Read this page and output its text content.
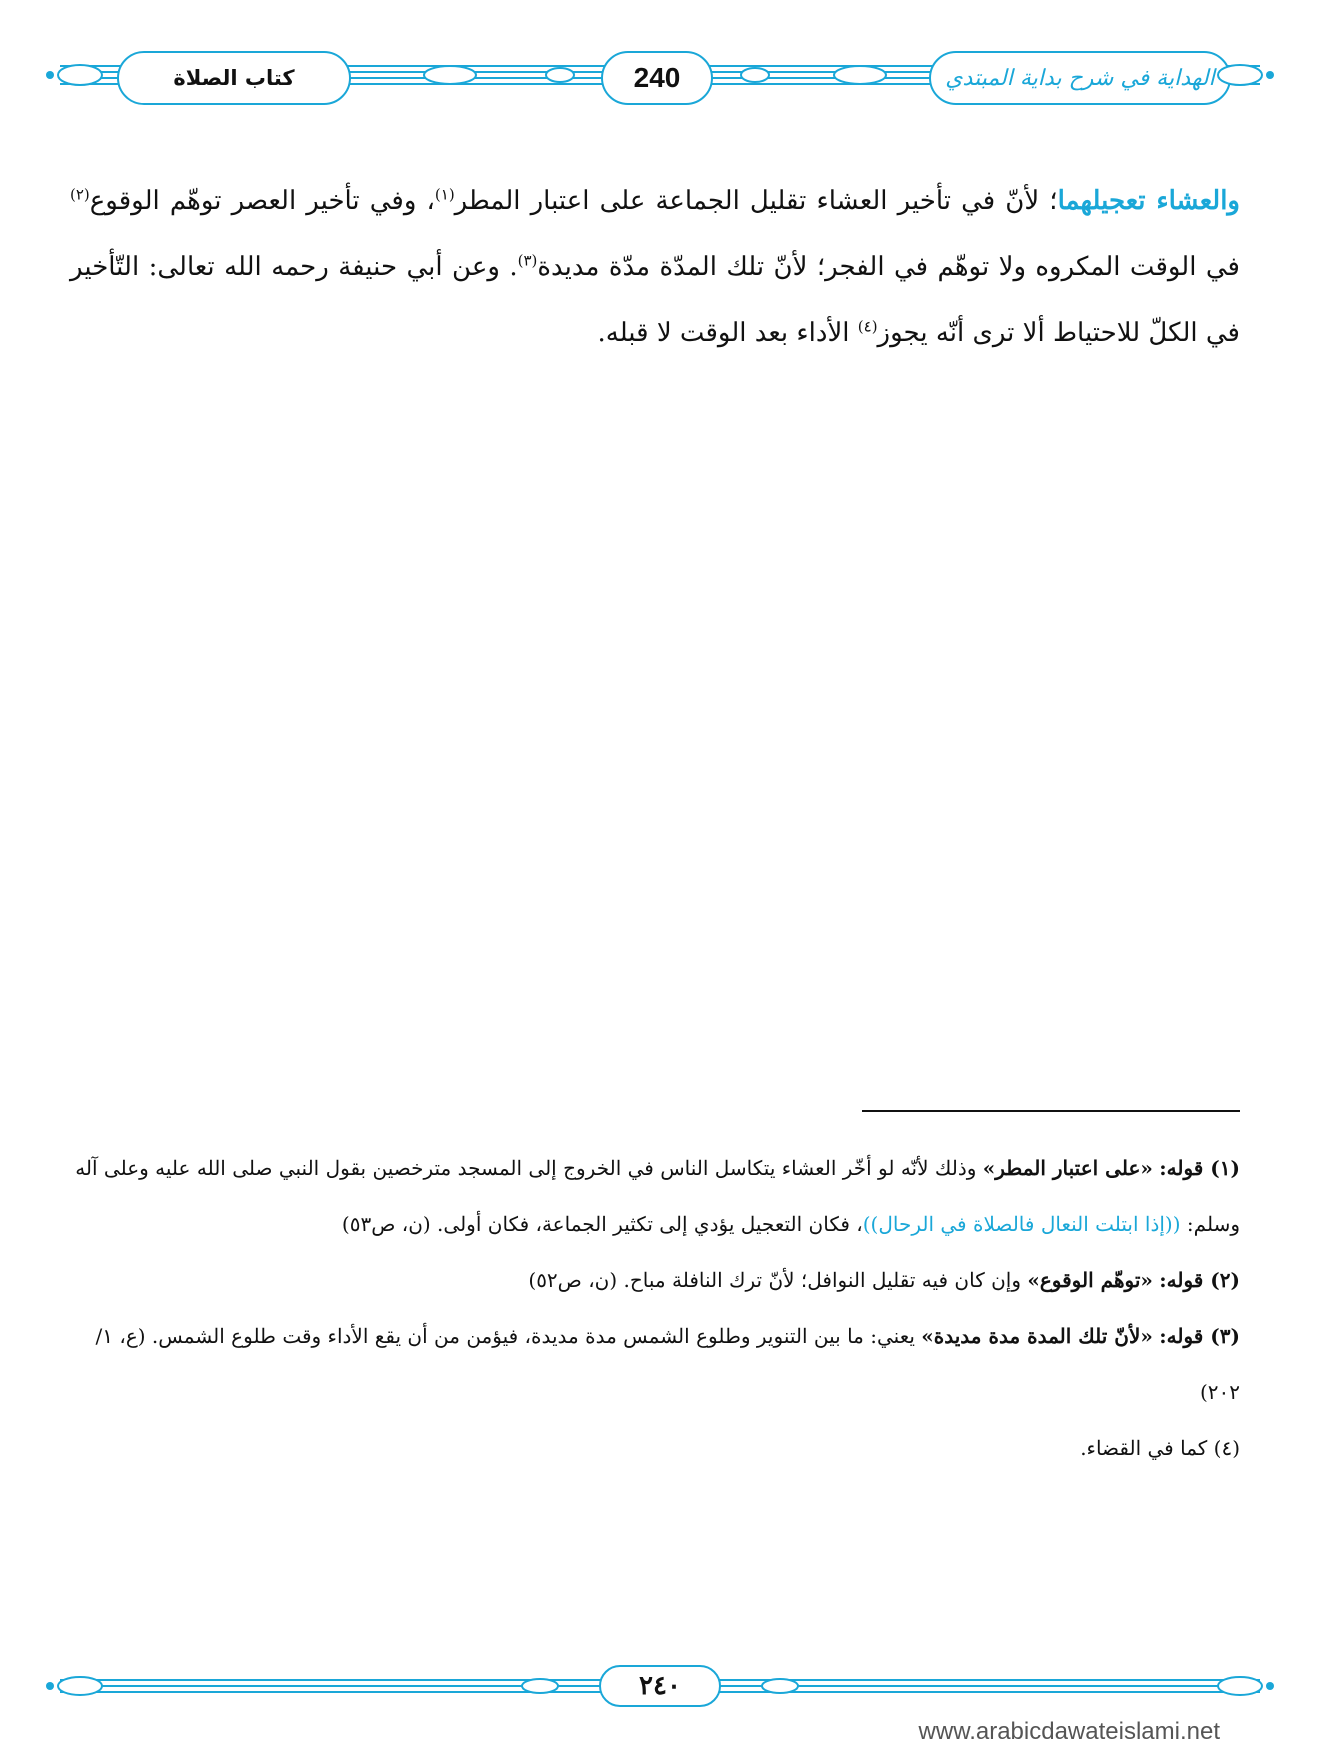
كتاب الصلاة	240	الهداية في شرح بداية المبتدي

والعشاء تعجيلهما؛ لأنّ في تأخير العشاء تقليل الجماعة على اعتبار المطر$^{(١)}$، وفي تأخير العصر توهّم الوقوع$^{(٢)}$ في الوقت المكروه ولا توهّم في الفجر؛ لأنّ تلك المدّة مدّة مديدة$^{(٣)}$. وعن أبي حنيفة رحمه الله تعالى: التّأخير في الكلّ للاحتياط ألا ترى أنّه يجوز$^{(٤)}$ الأداء بعد الوقت لا قبله.

(١) قوله: «على اعتبار المطر» وذلك لأنّه لو أخّر العشاء يتكاسل الناس في الخروج إلى المسجد مترخصين بقول النبي صلى الله عليه وعلى آله وسلم: ((إذا ابتلت النعال فالصلاة في الرحال))، فكان التعجيل يؤدي إلى تكثير الجماعة، فكان أولى. (ن، ص٥٣)

(٢) قوله: «توهّم الوقوع» وإن كان فيه تقليل النوافل؛ لأنّ ترك النافلة مباح. (ن، ص٥٢)

(٣) قوله: «لأنّ تلك المدة مدة مديدة» يعني: ما بين التنوير وطلوع الشمس مدة مديدة، فيؤمن من أن يقع الأداء وقت طلوع الشمس. (ع، ١/ ٢٠٢)

(٤) كما في القضاء.

٢٤٠
www.arabicdawateislami.net
